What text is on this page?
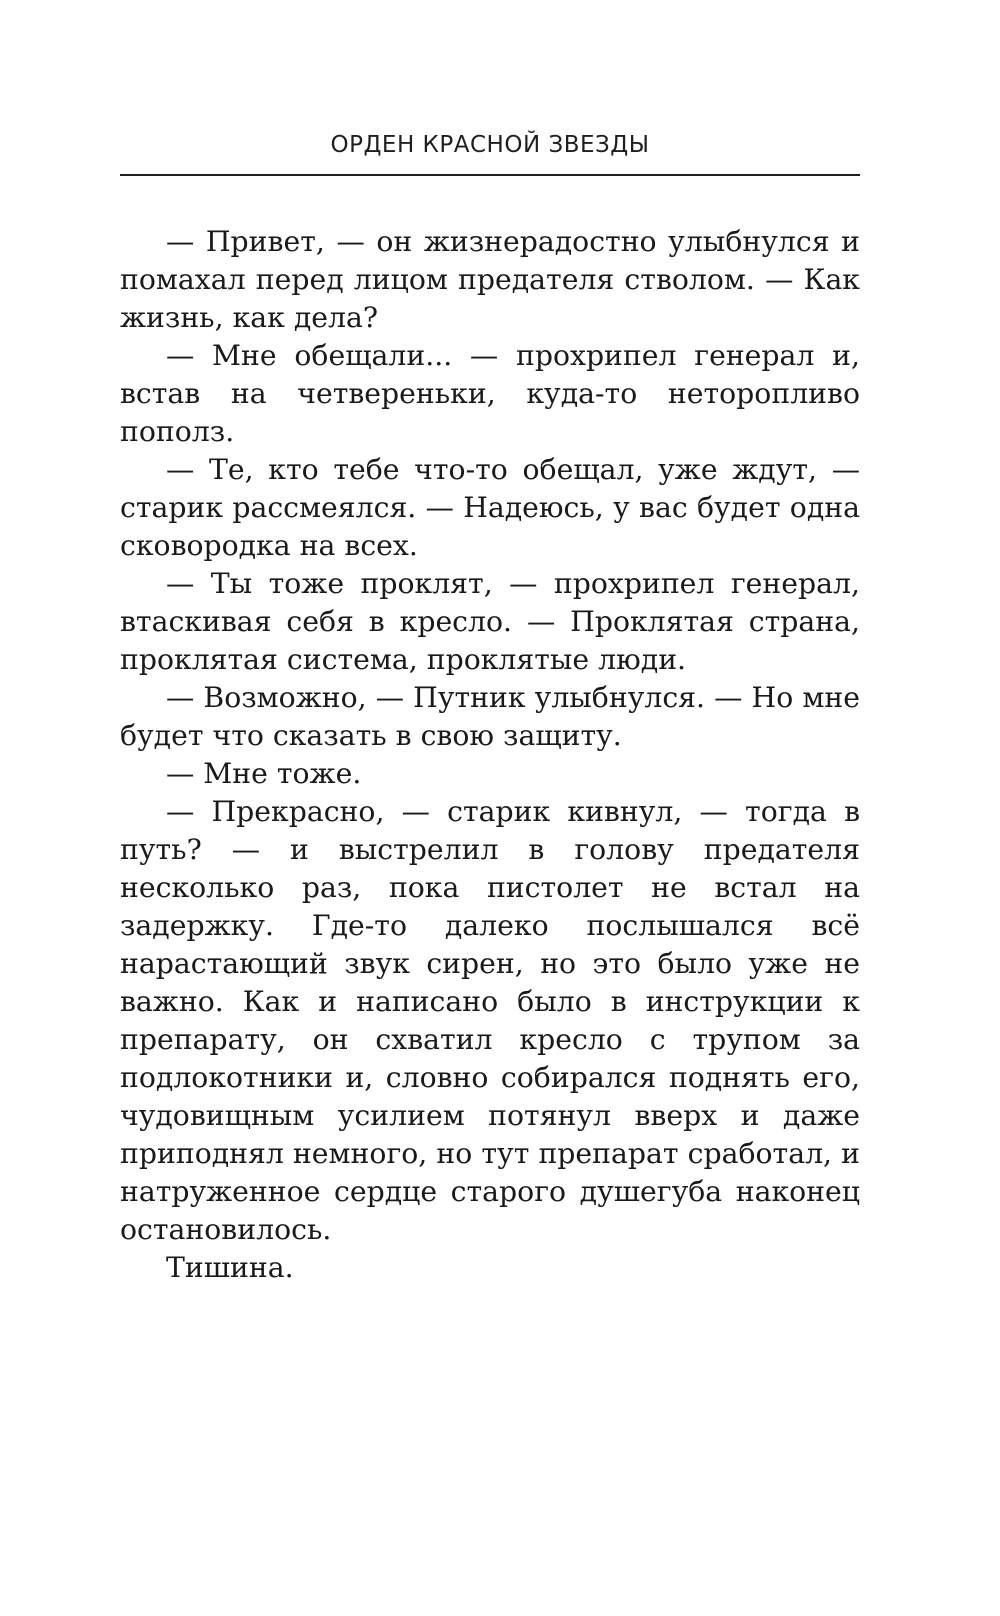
ОРДЕН КРАСНОЙ ЗВЕЗДЫ

— Привет, — он жизнерадостно улыбнулся и помахал перед лицом предателя стволом. — Как жизнь, как дела?

— Мне обещали... — прохрипел генерал и, встав на четвереньки, куда-то неторопливо пополз.

— Те, кто тебе что-то обещал, уже ждут, — старик рассмеялся. — Надеюсь, у вас будет одна сковородка на всех.

— Ты тоже проклят, — прохрипел генерал, втаскивая себя в кресло. — Проклятая страна, проклятая система, проклятые люди.

— Возможно, — Путник улыбнулся. — Но мне будет что сказать в свою защиту.

— Мне тоже.

— Прекрасно, — старик кивнул, — тогда в путь? — и выстрелил в голову предателя несколько раз, пока пистолет не встал на задержку. Где-то далеко послышался всё нарастающий звук сирен, но это было уже не важно. Как и написано было в инструкции к препарату, он схватил кресло с трупом за подлокотники и, словно собирался поднять его, чудовищным усилием потянул вверх и даже приподнял немного, но тут препарат сработал, и натруженное сердце старого душегуба наконец остановилось.

Тишина.
